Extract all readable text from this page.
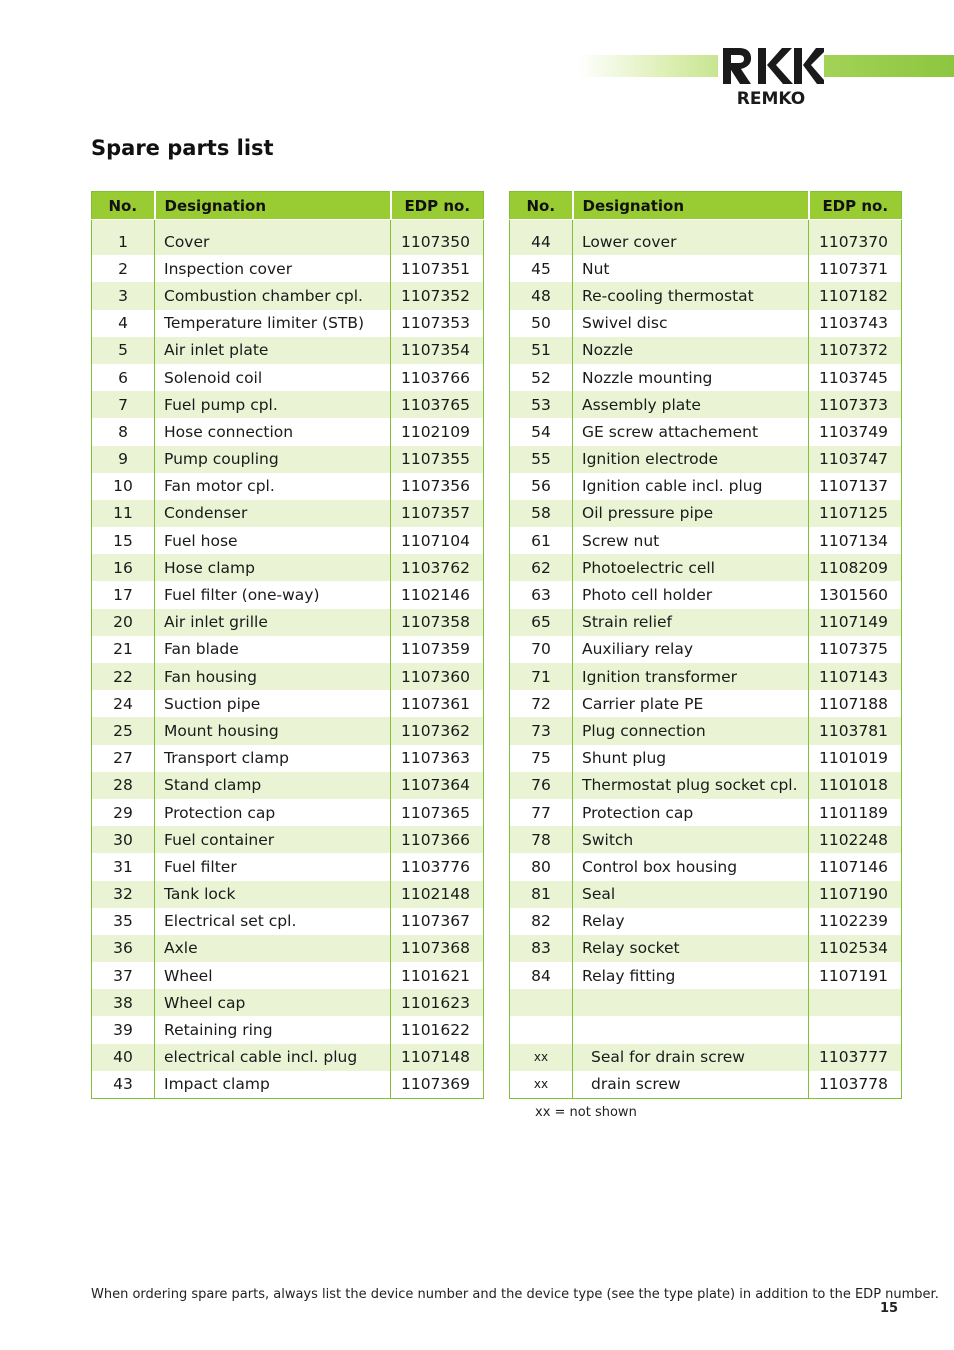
REMKO
Spare parts list
No.	Designation	EDP no.

1	Cover	1107350
2	Inspection cover	1107351
3	Combustion chamber cpl.	1107352
4	Temperature limiter (STB)	1107353
5	Air inlet plate	1107354
6	Solenoid coil	1103766
7	Fuel pump cpl.	1103765
8	Hose connection	1102109
9	Pump coupling	1107355
10	Fan motor cpl.	1107356
11	Condenser	1107357
15	Fuel hose	1107104
16	Hose clamp	1103762
17	Fuel filter (one-way)	1102146
20	Air inlet grille	1107358
21	Fan blade	1107359
22	Fan housing	1107360
24	Suction pipe	1107361
25	Mount housing	1107362
27	Transport clamp	1107363
28	Stand clamp	1107364
29	Protection cap	1107365
30	Fuel container	1107366
31	Fuel filter	1103776
32	Tank lock	1102148
35	Electrical set cpl.	1107367
36	Axle	1107368
37	Wheel	1101621
38	Wheel cap	1101623
39	Retaining ring	1101622
40	electrical cable incl. plug	1107148
43	Impact clamp	1107369
No.	Designation	EDP no.

44	Lower cover	1107370
45	Nut	1107371
48	Re-cooling thermostat	1107182
50	Swivel disc	1103743
51	Nozzle	1107372
52	Nozzle mounting	1103745
53	Assembly plate	1107373
54	GE screw attachement	1103749
55	Ignition electrode	1103747
56	Ignition cable incl. plug	1107137
58	Oil pressure pipe	1107125
61	Screw nut	1107134
62	Photoelectric cell	1108209
63	Photo cell holder	1301560
65	Strain relief	1107149
70	Auxiliary relay	1107375
71	Ignition transformer	1107143
72	Carrier plate PE	1107188
73	Plug connection	1103781
75	Shunt plug	1101019
76	Thermostat plug socket cpl.	1101018
77	Protection cap	1101189
78	Switch	1102248
80	Control box housing	1107146
81	Seal	1107190
82	Relay	1102239
83	Relay socket	1102534
84	Relay fitting	1107191

xx	Seal for drain screw	1103777
xx	drain screw	1103778
xx = not shown
When ordering spare parts, always list the device number and the device type (see the type plate) in addition to the EDP number.
15
